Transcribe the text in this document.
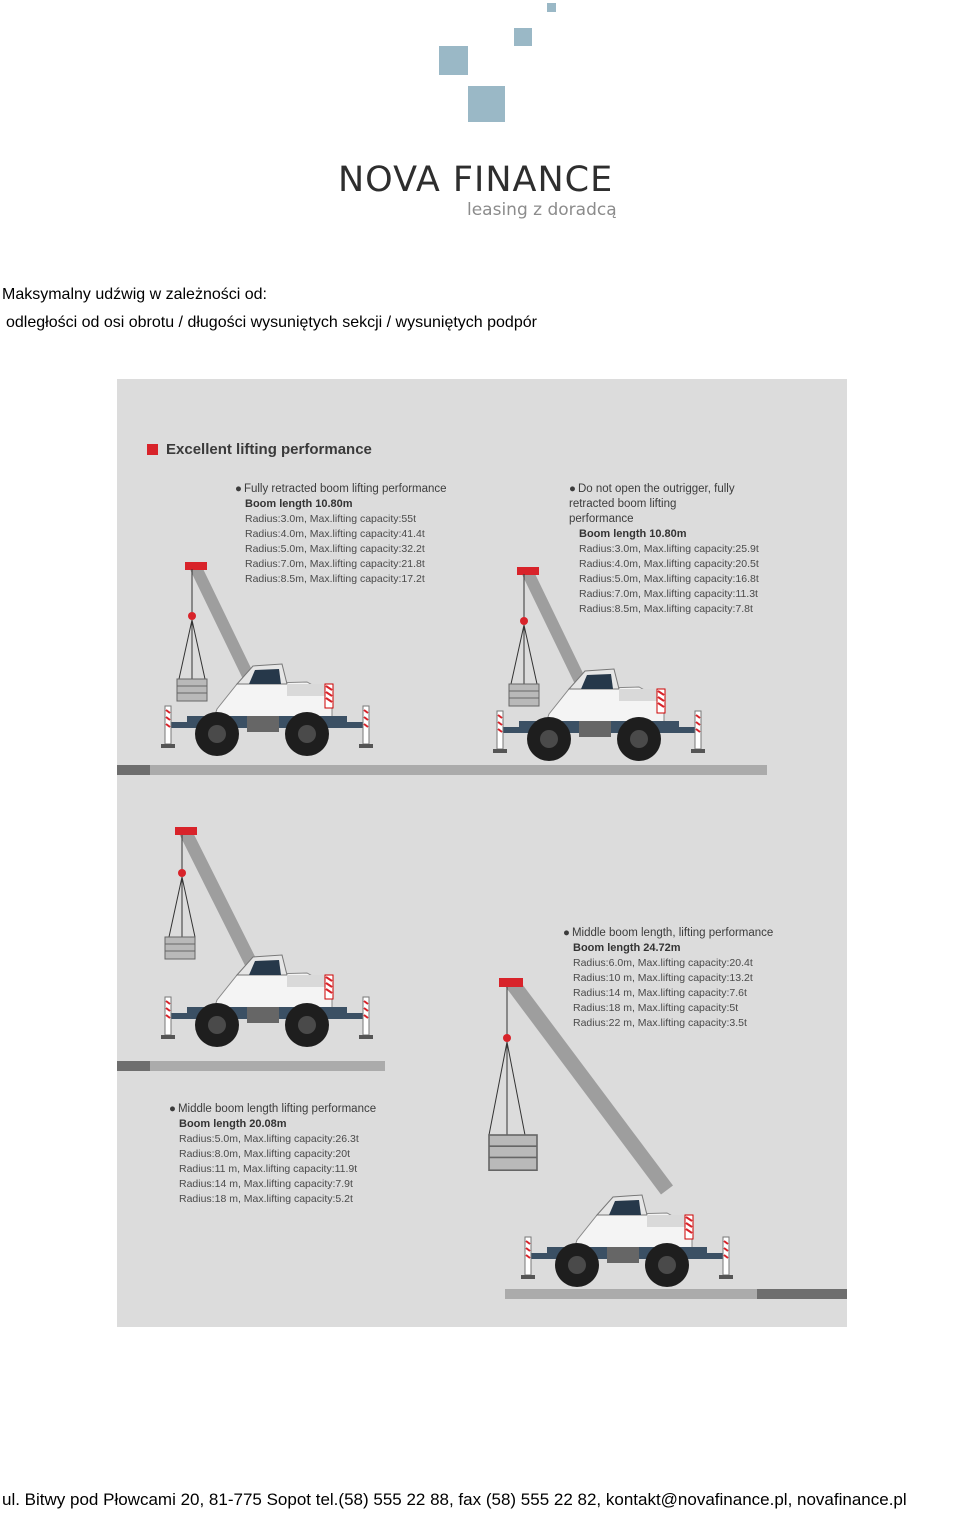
NOVA FINANCE
leasing z doradcą
Maksymalny udźwig w zależności od:
odległości od osi obrotu / długości wysuniętych sekcji / wysuniętych podpór
Excellent lifting performance
● Fully retracted boom lifting performance
Boom length 10.80m
Radius:3.0m, Max.lifting capacity:55t
Radius:4.0m, Max.lifting capacity:41.4t
Radius:5.0m, Max.lifting capacity:32.2t
Radius:7.0m, Max.lifting capacity:21.8t
Radius:8.5m, Max.lifting capacity:17.2t
● Do not open the outrigger, fully retracted boom lifting performance
Boom length 10.80m
Radius:3.0m, Max.lifting capacity:25.9t
Radius:4.0m, Max.lifting capacity:20.5t
Radius:5.0m, Max.lifting capacity:16.8t
Radius:7.0m, Max.lifting capacity:11.3t
Radius:8.5m, Max.lifting capacity:7.8t
● Middle boom length, lifting performance
Boom length 24.72m
Radius:6.0m, Max.lifting capacity:20.4t
Radius:10 m, Max.lifting capacity:13.2t
Radius:14 m, Max.lifting capacity:7.6t
Radius:18 m, Max.lifting capacity:5t
Radius:22 m, Max.lifting capacity:3.5t
● Middle boom length lifting performance
Boom length 20.08m
Radius:5.0m, Max.lifting capacity:26.3t
Radius:8.0m, Max.lifting capacity:20t
Radius:11 m, Max.lifting capacity:11.9t
Radius:14 m, Max.lifting capacity:7.9t
Radius:18 m, Max.lifting capacity:5.2t
ul. Bitwy pod Płowcami 20, 81-775 Sopot tel.(58) 555 22 88, fax (58) 555 22 82, kontakt@novafinance.pl, novafinance.pl
